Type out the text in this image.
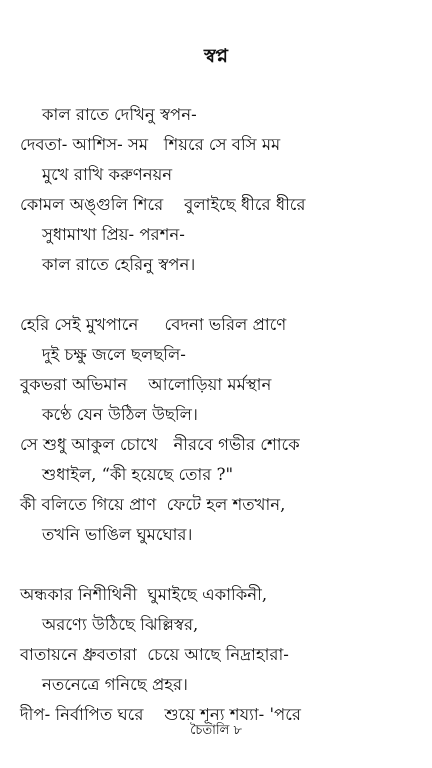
স্বপ্ন
কাল রাতে দেখিনু স্বপন-
দেবতা- আশিস- সম   শিয়রে সে বসি মম
মুখে রাখি করুণনয়ন
কোমল অঙ্গুলি শিরে    বুলাইছে ধীরে ধীরে
সুধামাখা প্রিয়- পরশন-
কাল রাতে হেরিনু স্বপন।
হেরি সেই মুখপানে     বেদনা ভরিল প্রাণে
দুই চক্ষু জলে ছলছলি-
বুকভরা অভিমান    আলোড়িয়া মর্মস্থান
কণ্ঠে যেন উঠিল উছলি।
সে শুধু আকুল চোখে   নীরবে গভীর শোকে
শুধাইল, “কী হয়েছে তোর ?"
কী বলিতে গিয়ে প্রাণ  ফেটে হল শতখান,
তখনি ভাঙিল ঘুমঘোর।
অন্ধকার নিশীথিনী  ঘুমাইছে একাকিনী,
অরণ্যে উঠিছে ঝিল্লিস্বর,
বাতায়নে ধ্রুবতারা  চেয়ে আছে নিদ্রাহারা-
নতনেত্রে গনিছে প্রহর।
দীপ- নির্বাপিত ঘরে    শুয়ে শূন্য শয্যা- 'পরে
চৈতালি ৮
